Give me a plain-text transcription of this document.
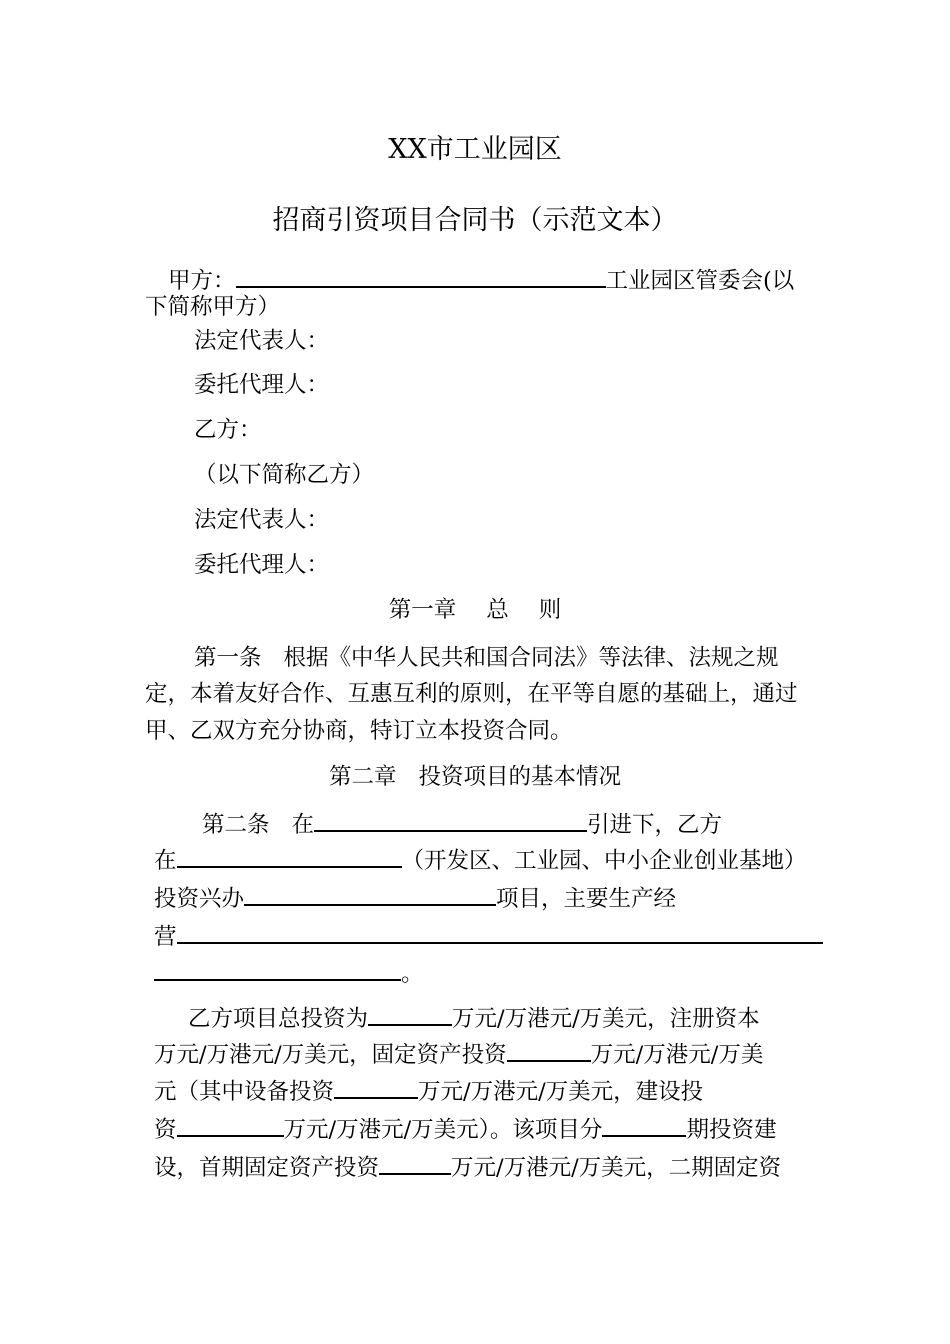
XX市工业园区
招商引资项目合同书（示范文本）
甲方：	工业园区管委会(以
下简称甲方）
法定代表人：
委托代理人：
乙方：
（以下简称乙方）
法定代表人：
委托代理人：
第一章 总 则
第一条 根据《中华人民共和国合同法》等法律、法规之规
定，本着友好合作、互惠互利的原则，在平等自愿的基础上，通过
甲、乙双方充分协商，特订立本投资合同。
第二章 投资项目的基本情况
第二条 在	引进下，乙方
在	（开发区、工业园、中小企业创业基地）
投资兴办	项目，主要生产经
营
。
乙方项目总投资为	万元/万港元/万美元，注册资本
万元/万港元/万美元，固定资产投资	万元/万港元/万美
元（其中设备投资	万元/万港元/万美元，建设投
资	万元/万港元/万美元）。该项目分	期投资建
设，首期固定资产投资	万元/万港元/万美元，二期固定资
